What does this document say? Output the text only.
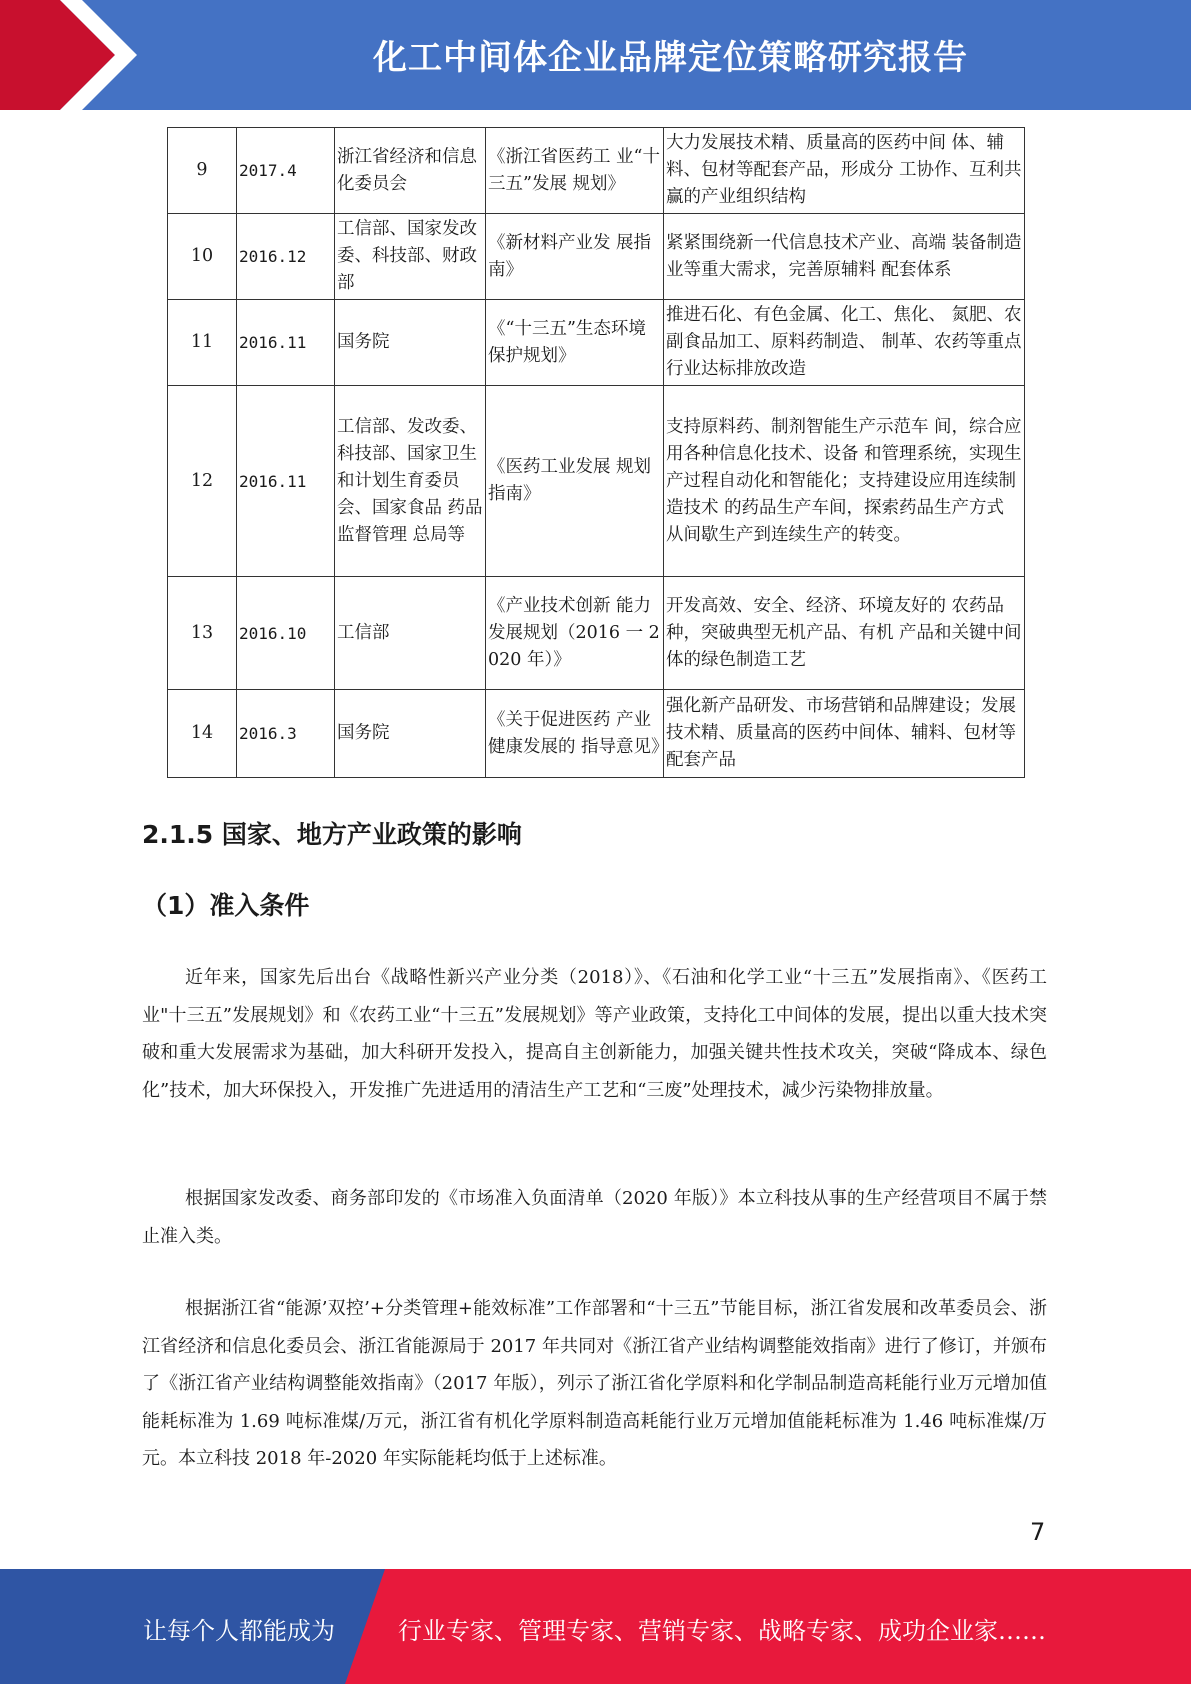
化工中间体企业品牌定位策略研究报告
9	2017.4	浙江省经济和信息化委员会	《浙江省医药工 业“十三五”发展 规划》	大力发展技术精、质量高的医药中间 体、辅料、包材等配套产品，形成分 工协作、互利共赢的产业组织结构
10	2016.12	工信部、国家发改委、科技部、财政部	《新材料产业发 展指南》	紧紧围绕新一代信息技术产业、高端 装备制造业等重大需求，完善原辅料 配套体系
11	2016.11	国务院	《“十三五”生态环境保护规划》	推进石化、有色金属、化工、焦化、 氮肥、农副食品加工、原料药制造、 制革、农药等重点行业达标排放改造
12	2016.11	工信部、发改委、科技部、国家卫生和计划生育委员 会、国家食品 药品监督管理 总局等	《医药工业发展 规划指南》	支持原料药、制剂智能生产示范车 间，综合应用各种信息化技术、设备 和管理系统，实现生产过程自动化和智能化；支持建设应用连续制造技术 的药品生产车间，探索药品生产方式 从间歇生产到连续生产的转变。
13	2016.10	工信部	《产业技术创新 能力发展规划（2016 一 2020 年）》	开发高效、安全、经济、环境友好的 农药品种，突破典型无机产品、有机 产品和关键中间体的绿色制造工艺
14	2016.3	国务院	《关于促进医药 产业健康发展的 指导意见》	强化新产品研发、市场营销和品牌建设；发展技术精、质量高的医药中间体、辅料、包材等配套产品
2.1.5 国家、地方产业政策的影响
（1）准入条件

近年来，国家先后出台《战略性新兴产业分类（2018）》、《石油和化学工业“十三五”发展指南》、《医药工业"十三五”发展规划》和《农药工业“十三五”发展规划》等产业政策，支持化工中间体的发展，提出以重大技术突破和重大发展需求为基础，加大科研开发投入，提高自主创新能力，加强关键共性技术攻关，突破“降成本、绿色化”技术，加大环保投入，开发推广先进适用的清洁生产工艺和“三废”处理技术，减少污染物排放量。

根据国家发改委、商务部印发的《市场准入负面清单（2020 年版）》本立科技从事的生产经营项目不属于禁止准入类。

根据浙江省“能源’双控’+分类管理+能效标准”工作部署和“十三五”节能目标，浙江省发展和改革委员会、浙江省经济和信息化委员会、浙江省能源局于 2017 年共同对《浙江省产业结构调整能效指南》进行了修订，并颁布了《浙江省产业结构调整能效指南》（2017 年版），列示了浙江省化学原料和化学制品制造高耗能行业万元增加值能耗标准为 1.69 吨标准煤/万元，浙江省有机化学原料制造高耗能行业万元增加值能耗标准为 1.46 吨标准煤/万元。本立科技 2018 年-2020 年实际能耗均低于上述标准。

7
让每个人都能成为	行业专家、管理专家、营销专家、战略专家、成功企业家……
